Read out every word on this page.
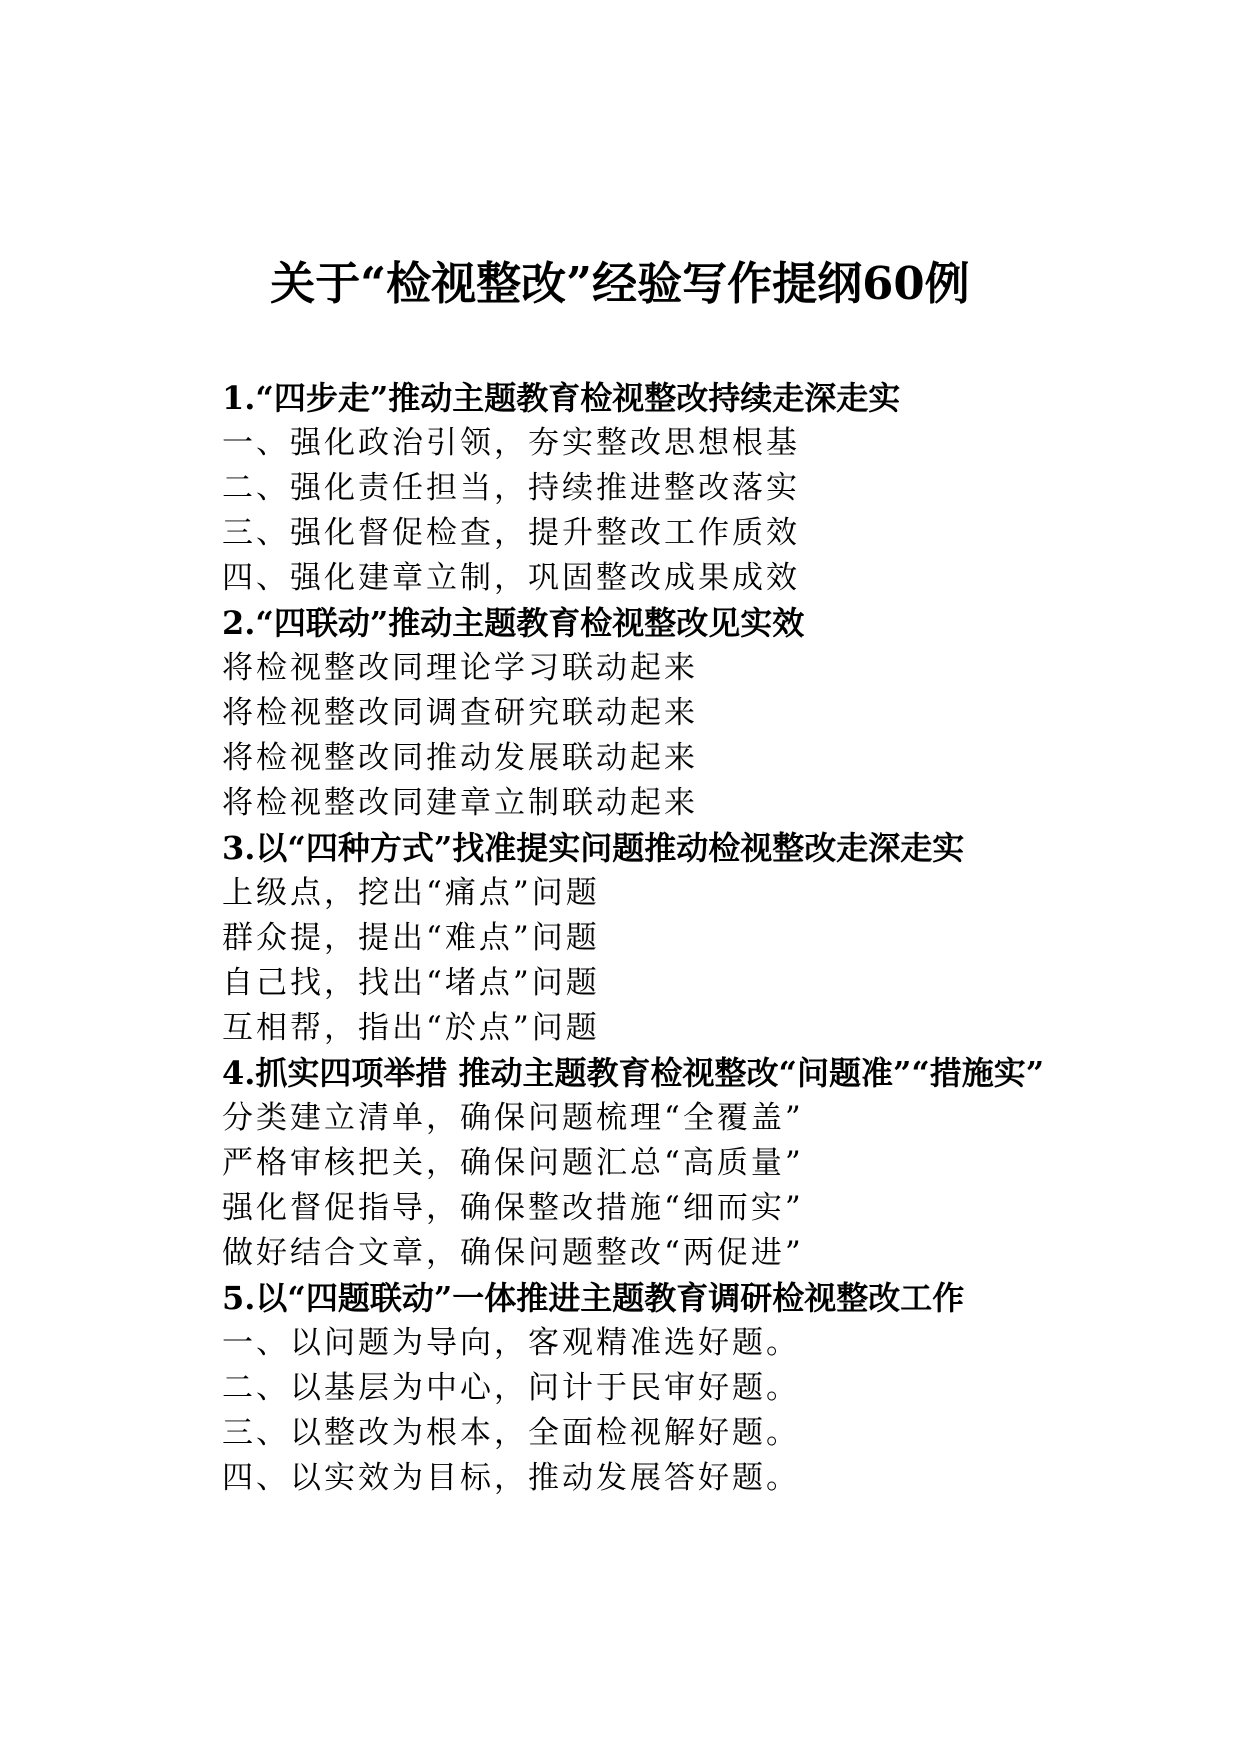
关于“检视整改”经验写作提纲60例
1.“四步走”推动主题教育检视整改持续走深走实
一、强化政治引领，夯实整改思想根基
二、强化责任担当，持续推进整改落实
三、强化督促检查，提升整改工作质效
四、强化建章立制，巩固整改成果成效
2.“四联动”推动主题教育检视整改见实效
将检视整改同理论学习联动起来
将检视整改同调查研究联动起来
将检视整改同推动发展联动起来
将检视整改同建章立制联动起来
3.以“四种方式”找准提实问题推动检视整改走深走实
上级点，挖出“痛点”问题
群众提，提出“难点”问题
自己找，找出“堵点”问题
互相帮，指出“於点”问题
4.抓实四项举措 推动主题教育检视整改“问题准”“措施实”
分类建立清单，确保问题梳理“全覆盖”
严格审核把关，确保问题汇总“高质量”
强化督促指导，确保整改措施“细而实”
做好结合文章，确保问题整改“两促进”
5.以“四题联动”一体推进主题教育调研检视整改工作
一、以问题为导向，客观精准选好题。
二、以基层为中心，问计于民审好题。
三、以整改为根本，全面检视解好题。
四、以实效为目标，推动发展答好题。
